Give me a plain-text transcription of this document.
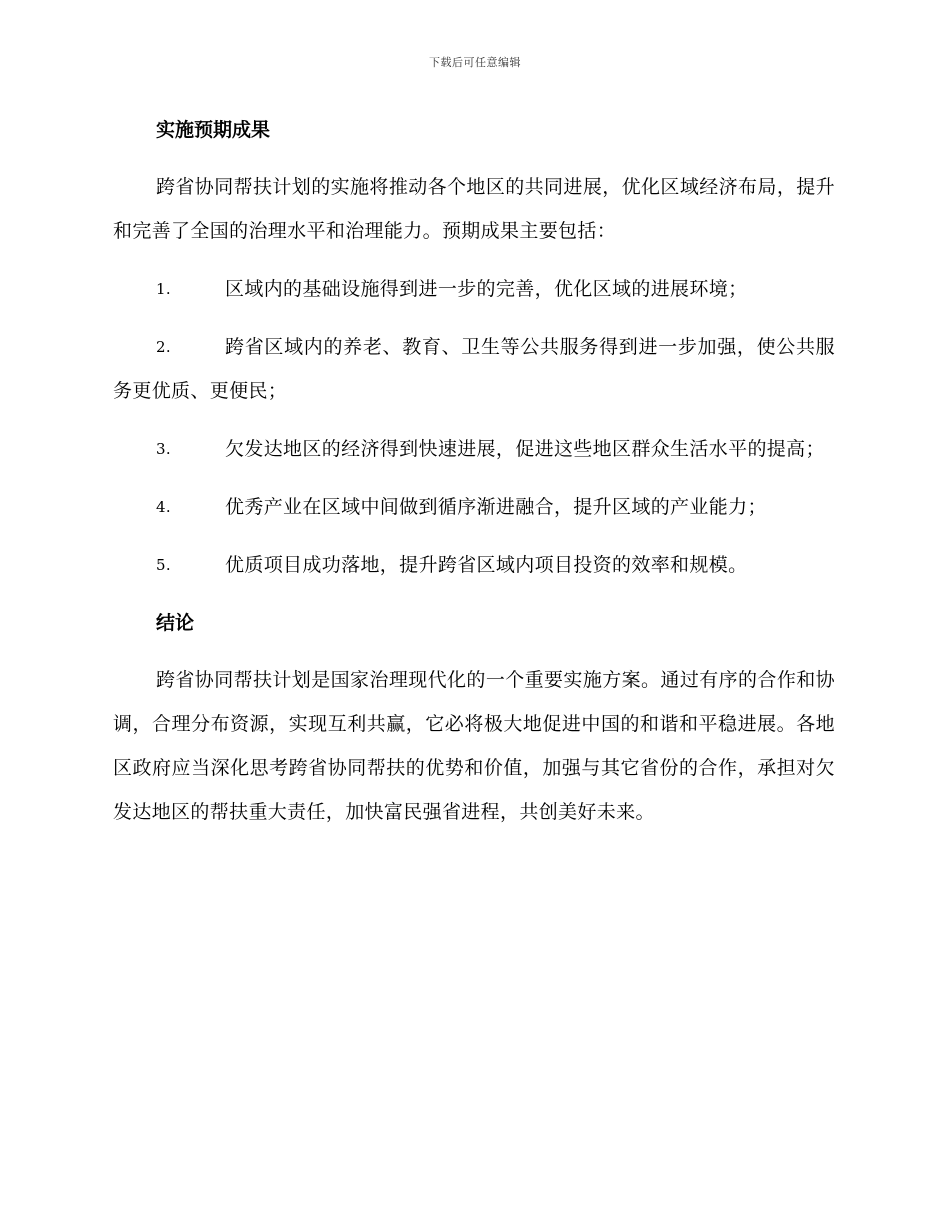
下载后可任意编辑
实施预期成果

跨省协同帮扶计划的实施将推动各个地区的共同进展，优化区域经济布局，提升和完善了全国的治理水平和治理能力。预期成果主要包括：

1.	区域内的基础设施得到进一步的完善，优化区域的进展环境；
2.	跨省区域内的养老、教育、卫生等公共服务得到进一步加强，使公共服务更优质、更便民；
3.	欠发达地区的经济得到快速进展，促进这些地区群众生活水平的提高；
4.	优秀产业在区域中间做到循序渐进融合，提升区域的产业能力；
5.	优质项目成功落地，提升跨省区域内项目投资的效率和规模。
结论

跨省协同帮扶计划是国家治理现代化的一个重要实施方案。通过有序的合作和协调，合理分布资源，实现互利共赢，它必将极大地促进中国的和谐和平稳进展。各地区政府应当深化思考跨省协同帮扶的优势和价值，加强与其它省份的合作，承担对欠发达地区的帮扶重大责任，加快富民强省进程，共创美好未来。
